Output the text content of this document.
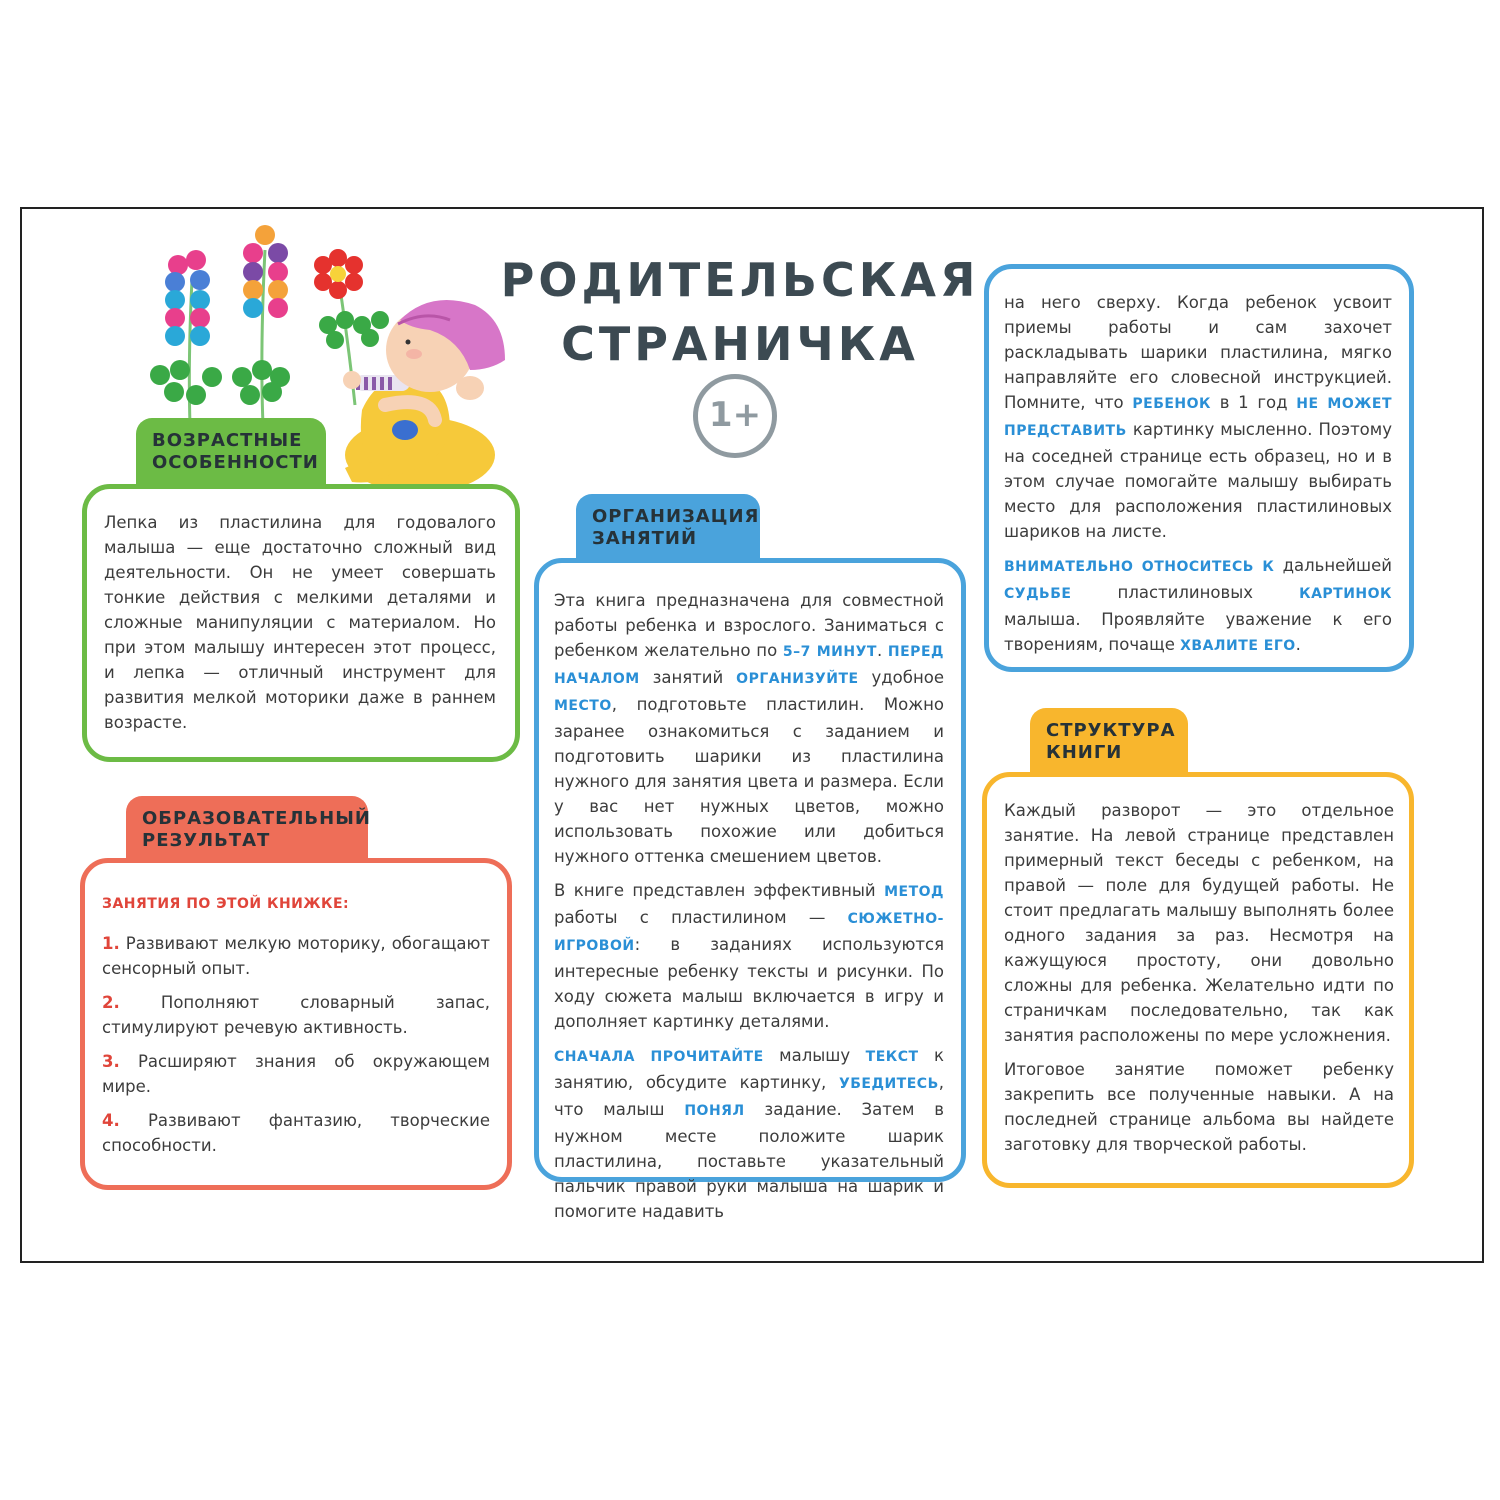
РОДИТЕЛЬСКАЯ
СТРАНИЧКА
1+
ВОЗРАСТНЫЕ
ОСОБЕННОСТИ

Лепка из пластилина для годовалого малыша — еще достаточно сложный вид деятельности. Он не умеет совершать тонкие действия с мелкими деталями и сложные манипуляции с материалом. Но при этом малышу интересен этот процесс, и лепка — отличный инструмент для развития мелкой моторики даже в раннем возрасте.

ОБРАЗОВАТЕЛЬНЫЙ
РЕЗУЛЬТАТ

ЗАНЯТИЯ ПО ЭТОЙ КНИЖКЕ:

1. Развивают мелкую моторику, обогащают сенсорный опыт.

2. Пополняют словарный запас, стимулируют речевую активность.

3. Расширяют знания об окружающем мире.

4. Развивают фантазию, творческие способности.

ОРГАНИЗАЦИЯ
ЗАНЯТИЙ

Эта книга предназначена для совместной работы ребенка и взрослого. Заниматься с ребенком желательно по 5–7 МИНУТ. ПЕРЕД НАЧАЛОМ занятий ОРГАНИЗУЙТЕ удобное МЕСТО, подготовьте пластилин. Можно заранее ознакомиться с заданием и подготовить шарики из пластилина нужного для занятия цвета и размера. Если у вас нет нужных цветов, можно использовать похожие или добиться нужного оттенка смешением цветов.

В книге представлен эффективный МЕТОД работы с пластилином — СЮЖЕТНО-ИГРОВОЙ: в заданиях используются интересные ребенку тексты и рисунки. По ходу сюжета малыш включается в игру и дополняет картинку деталями.

СНАЧАЛА ПРОЧИТАЙТЕ малышу ТЕКСТ к занятию, обсудите картинку, УБЕДИТЕСЬ, что малыш ПОНЯЛ задание. Затем в нужном месте положите шарик пластилина, поставьте указательный пальчик правой руки малыша на шарик и помогите надавить

на него сверху. Когда ребенок усвоит приемы работы и сам захочет раскладывать шарики пластилина, мягко направляйте его словесной инструкцией. Помните, что РЕБЕНОК в 1 год НЕ МОЖЕТ ПРЕДСТАВИТЬ картинку мысленно. Поэтому на соседней странице есть образец, но и в этом случае помогайте малышу выбирать место для расположения пластилиновых шариков на листе.

ВНИМАТЕЛЬНО ОТНОСИТЕСЬ К дальнейшей СУДЬБЕ пластилиновых КАРТИНОК малыша. Проявляйте уважение к его творениям, почаще ХВАЛИТЕ ЕГО.

СТРУКТУРА
КНИГИ

Каждый разворот — это отдельное занятие. На левой странице представлен примерный текст беседы с ребенком, на правой — поле для будущей работы. Не стоит предлагать малышу выполнять более одного задания за раз. Несмотря на кажущуюся простоту, они довольно сложны для ребенка. Желательно идти по страничкам последовательно, так как занятия расположены по мере усложнения.

Итоговое занятие поможет ребенку закрепить все полученные навыки. А на последней странице альбома вы найдете заготовку для творческой работы.
